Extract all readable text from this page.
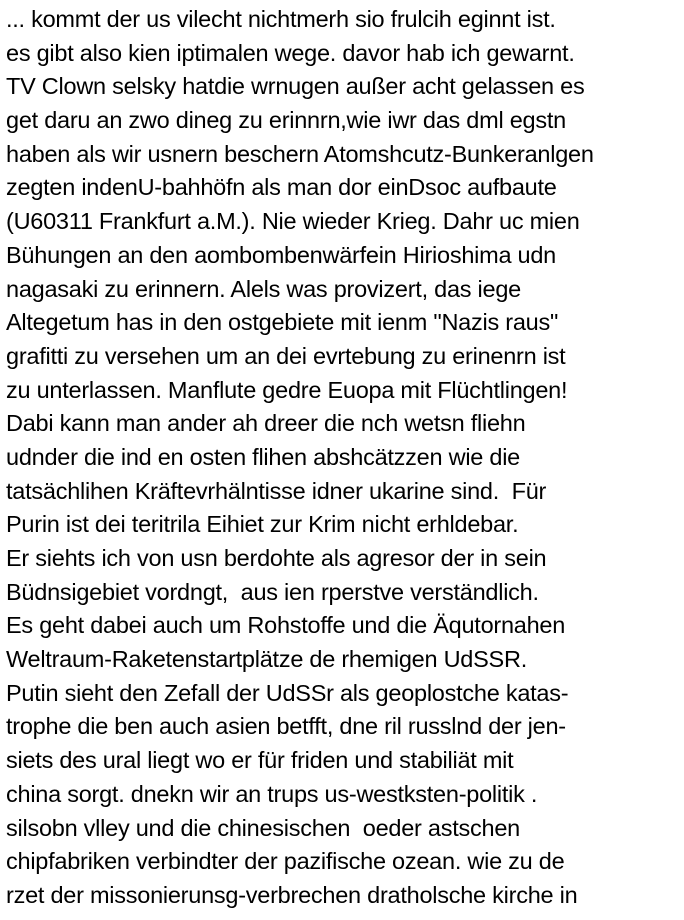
... kommt der us vilecht nichtmerh sio frulcih eginnt ist.
es gibt also kien iptimalen wege. davor hab ich gewarnt.
TV Clown selsky hatdie wrnugen außer acht gelassen es
get daru an zwo dineg zu erinnrn,wie iwr das dml egstn
haben als wir usnern beschern Atomshcutz-Bunkeranlgen
zegten indenU-bahhöfn als man dor einDsoc aufbaute
(U60311 Frankfurt a.M.). Nie wieder Krieg. Dahr uc mien
Bühungen an den aombombenwärfein Hirioshima udn
nagasaki zu erinnern. Alels was provizert, das iege
Altegetum has in den ostgebiete mit ienm "Nazis raus"
grafitti zu versehen um an dei evrtebung zu erinenrn ist
zu unterlassen. Manflute gedre Euopa mit Flüchtlingen!
Dabi kann man ander ah dreer die nch wetsn fliehn
udnder die ind en osten flihen abshcätzzen wie die
tatsächlihen Kräftevrhälntisse idner ukarine sind.  Für
Purin ist dei teritrila Eihiet zur Krim nicht erhldebar.
Er siehts ich von usn berdohte als agresor der in sein
Büdnsigebiet vordngt,  aus ien rperstve verständlich.
Es geht dabei auch um Rohstoffe und die Äqutornahen
Weltraum-Raketenstartplätze de rhemigen UdSSR.
Putin sieht den Zefall der UdSSr als geoplostche katas-
trophe die ben auch asien betfft, dne ril russlnd der jen-
siets des ural liegt wo er für friden und stabiliät mit
china sorgt. dnekn wir an trups us-westksten-politik .
silsobn vlley und die chinesischen  oeder astschen
chipfabriken verbindter der pazifische ozean. wie zu de
rzet der missonierunsg-verbrechen dratholsche kirche in
